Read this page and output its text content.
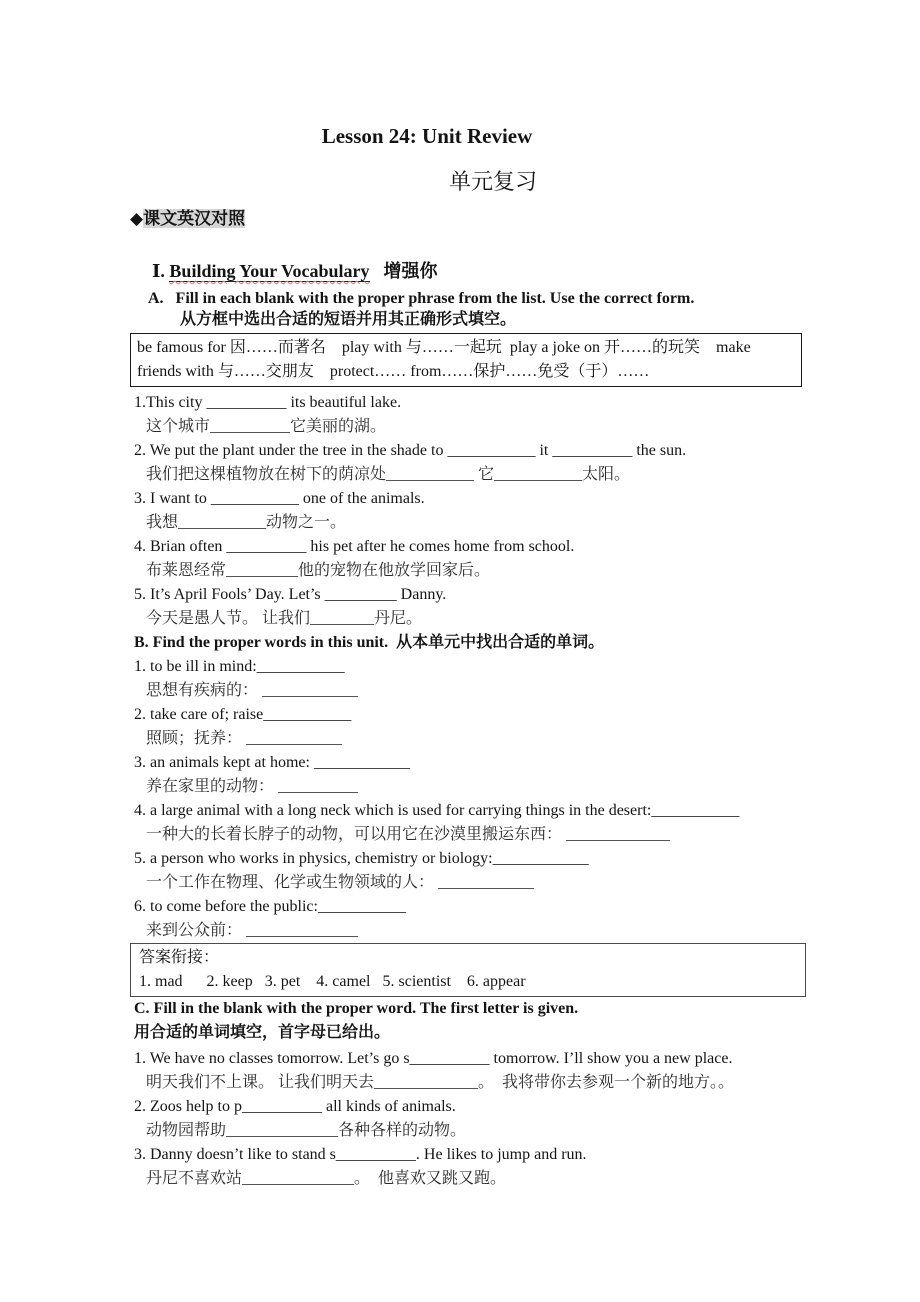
Lesson 24: Unit Review
单元复习
◆课文英汉对照
Ⅰ. Building Your Vocabulary 增强你
A.   Fill in each blank with the proper phrase from the list. Use the correct form.
从方框中选出合适的短语并用其正确形式填空。
be famous for 因……而著名    play with 与……一起玩  play a joke on 开……的玩笑    make
friends with 与……交朋友    protect…… from……保护……免受（于）……
1.This city __________ its beautiful lake.
这个城市__________它美丽的湖。
2. We put the plant under the tree in the shade to ___________ it __________ the sun.
我们把这棵植物放在树下的荫凉处___________ 它___________太阳。
3. I want to ___________ one of the animals.
我想___________动物之一。
4. Brian often __________ his pet after he comes home from school.
布莱恩经常_________他的宠物在他放学回家后。
5. It’s April Fools’ Day. Let’s _________ Danny.
今天是愚人节。 让我们________丹尼。
B. Find the proper words in this unit.  从本单元中找出合适的单词。
1. to be ill in mind:___________
思想有疾病的： ____________
2. take care of; raise___________
照顾；抚养： ____________
3. an animals kept at home: ____________
养在家里的动物： __________
4. a large animal with a long neck which is used for carrying things in the desert:___________
一种大的长着长脖子的动物，可以用它在沙漠里搬运东西： _____________
5. a person who works in physics, chemistry or biology:____________
一个工作在物理、化学或生物领域的人： ____________
6. to come before the public:___________
来到公众前： ______________
答案衔接：
1. mad      2. keep   3. pet    4. camel   5. scientist    6. appear
C. Fill in the blank with the proper word. The first letter is given.
用合适的单词填空，首字母已给出。
1. We have no classes tomorrow. Let’s go s__________ tomorrow. I’ll show you a new place.
明天我们不上课。 让我们明天去_____________。  我将带你去参观一个新的地方。。
2. Zoos help to p__________ all kinds of animals.
动物园帮助______________各种各样的动物。
3. Danny doesn’t like to stand s__________. He likes to jump and run.
丹尼不喜欢站______________。  他喜欢又跳又跑。
